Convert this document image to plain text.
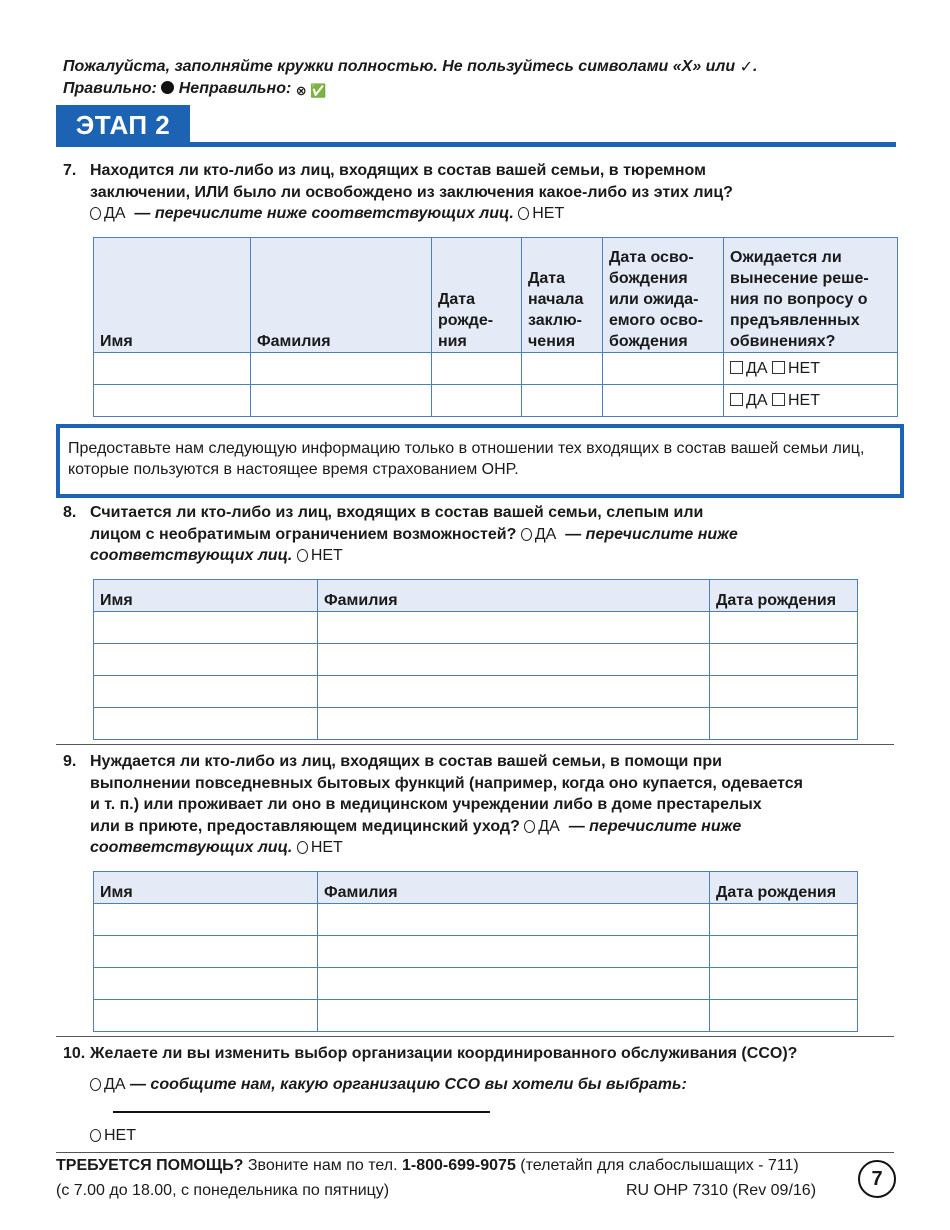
Пожалуйста, заполняйте кружки полностью. Не пользуйтесь символами «X» или ✓.
Правильно: Неправильно: ⊗ ✅
ЭТАП 2
7. Находится ли кто-либо из лиц, входящих в состав вашей семьи, в тюремном
заключении, ИЛИ было ли освобождено из заключения какое-либо из этих лиц?
ДА — перечислите ниже соответствующих лиц. НЕТ
Имя	Фамилия	Дата рожде-ния	Дата начала заклю-чения	Дата осво-бождения или ожида-емого осво-бождения	Ожидается ли вынесение реше-ния по вопросу о предъявленных обвинениях?
					ДА НЕТ
					ДА НЕТ
Предоставьте нам следующую информацию только в отношении тех входящих в состав вашей семьи лиц, которые пользуются в настоящее время страхованием OHP.
8. Считается ли кто-либо из лиц, входящих в состав вашей семьи, слепым или
лицом с необратимым ограничением возможностей? ДА — перечислите ниже
соответствующих лиц. НЕТ
Имя	Фамилия	Дата рождения

9. Нуждается ли кто-либо из лиц, входящих в состав вашей семьи, в помощи при
выполнении повседневных бытовых функций (например, когда оно купается, одевается
и т. п.) или проживает ли оно в медицинском учреждении либо в доме престарелых
или в приюте, предоставляющем медицинский уход? ДА — перечислите ниже
соответствующих лиц. НЕТ
Имя	Фамилия	Дата рождения

10. Желаете ли вы изменить выбор организации координированного обслуживания (CCO)?
ДА — сообщите нам, какую организацию CCO вы хотели бы выбрать:
НЕТ
ТРЕБУЕТСЯ ПОМОЩЬ? Звоните нам по тел. 1-800-699-9075 (телетайп для слабослышащих - 711)
(с 7.00 до 18.00, с понедельника по пятницу)	RU OHP 7310 (Rev 09/16)
7
